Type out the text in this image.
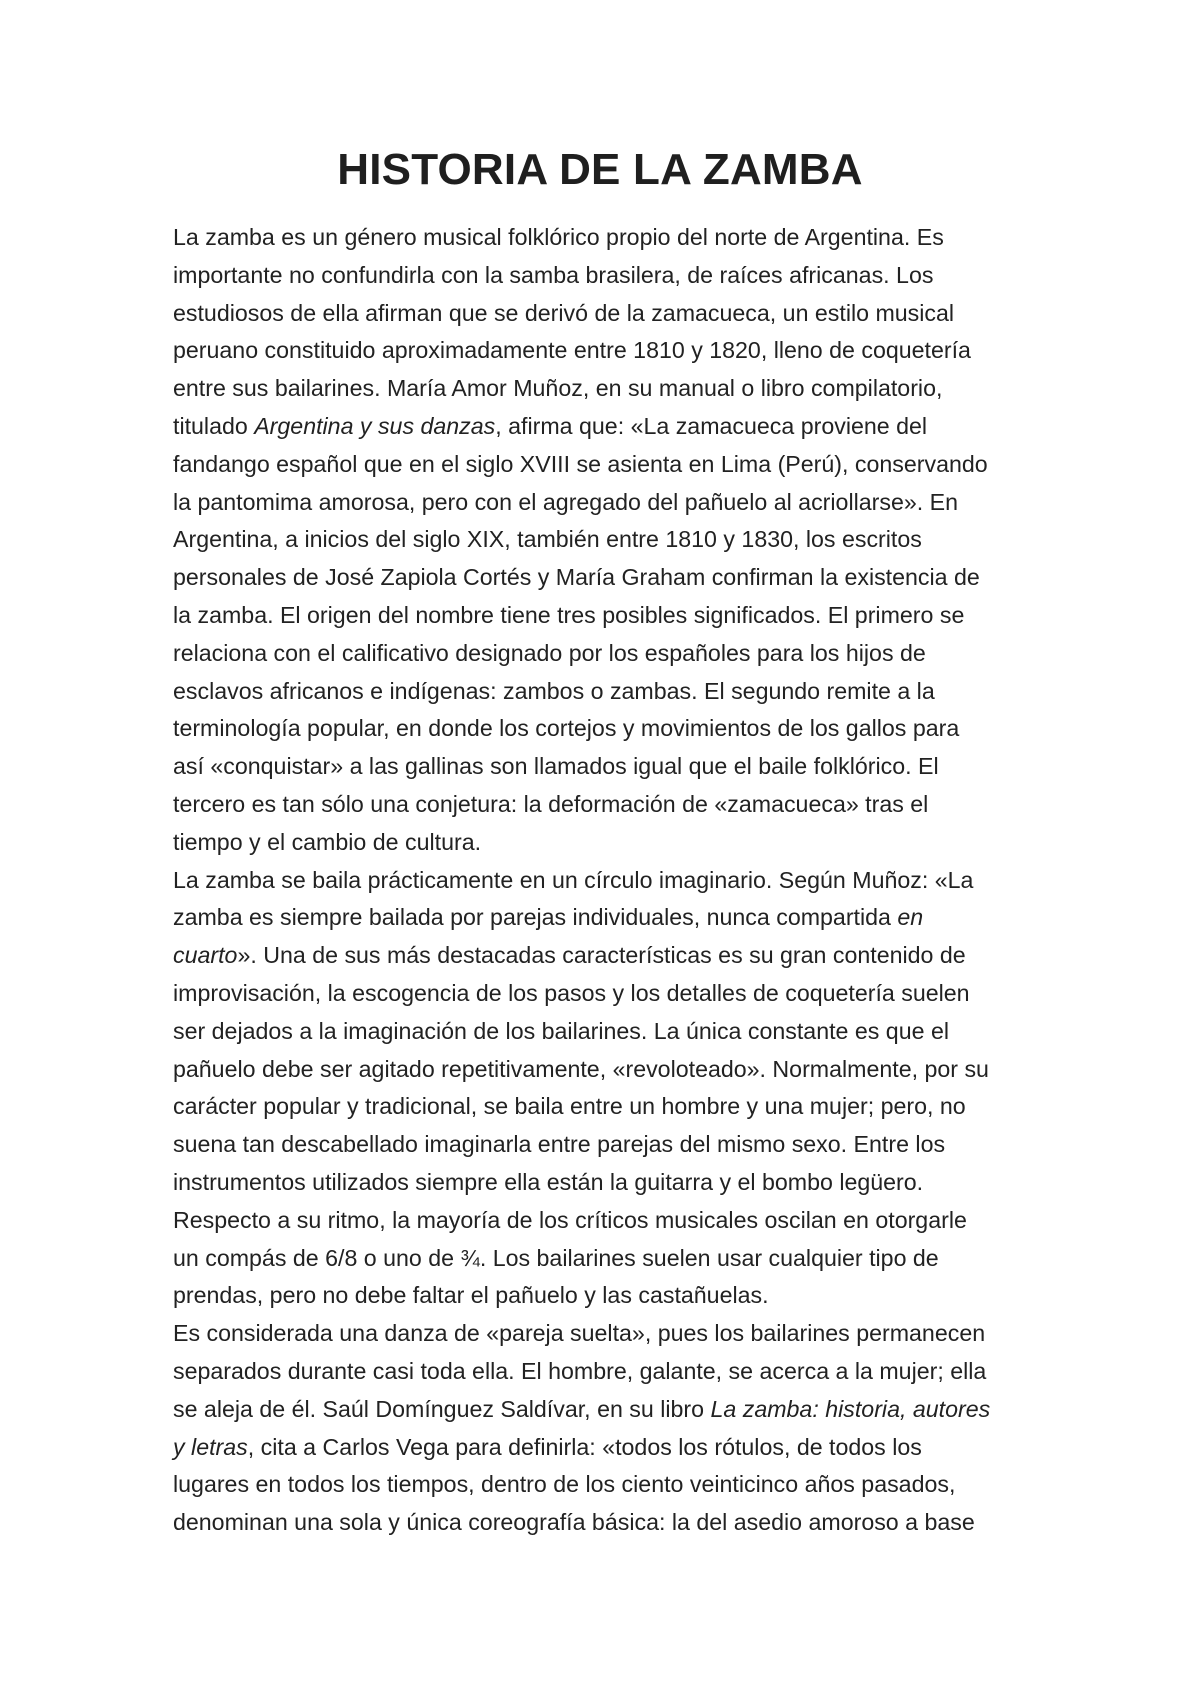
HISTORIA DE LA ZAMBA
La zamba es un género musical folklórico propio del norte de Argentina. Es
importante no confundirla con la samba brasilera, de raíces africanas. Los
estudiosos de ella afirman que se derivó de la zamacueca, un estilo musical
peruano constituido aproximadamente entre 1810 y 1820, lleno de coquetería
entre sus bailarines. María Amor Muñoz, en su manual o libro compilatorio,
titulado Argentina y sus danzas, afirma que: «La zamacueca proviene del
fandango español que en el siglo XVIII se asienta en Lima (Perú), conservando
la pantomima amorosa, pero con el agregado del pañuelo al acriollarse». En
Argentina, a inicios del siglo XIX, también entre 1810 y 1830, los escritos
personales de José Zapiola Cortés y María Graham confirman la existencia de
la zamba. El origen del nombre tiene tres posibles significados. El primero se
relaciona con el calificativo designado por los españoles para los hijos de
esclavos africanos e indígenas: zambos o zambas. El segundo remite a la
terminología popular, en donde los cortejos y movimientos de los gallos para
así «conquistar» a las gallinas son llamados igual que el baile folklórico. El
tercero es tan sólo una conjetura: la deformación de «zamacueca» tras el
tiempo y el cambio de cultura.
La zamba se baila prácticamente en un círculo imaginario. Según Muñoz: «La
zamba es siempre bailada por parejas individuales, nunca compartida en
cuarto». Una de sus más destacadas características es su gran contenido de
improvisación, la escogencia de los pasos y los detalles de coquetería suelen
ser dejados a la imaginación de los bailarines. La única constante es que el
pañuelo debe ser agitado repetitivamente, «revoloteado». Normalmente, por su
carácter popular y tradicional, se baila entre un hombre y una mujer; pero, no
suena tan descabellado imaginarla entre parejas del mismo sexo. Entre los
instrumentos utilizados siempre ella están la guitarra y el bombo legüero.
Respecto a su ritmo, la mayoría de los críticos musicales oscilan en otorgarle
un compás de 6/8 o uno de ¾. Los bailarines suelen usar cualquier tipo de
prendas, pero no debe faltar el pañuelo y las castañuelas.
Es considerada una danza de «pareja suelta», pues los bailarines permanecen
separados durante casi toda ella. El hombre, galante, se acerca a la mujer; ella
se aleja de él. Saúl Domínguez Saldívar, en su libro La zamba: historia, autores
y letras, cita a Carlos Vega para definirla: «todos los rótulos, de todos los
lugares en todos los tiempos, dentro de los ciento veinticinco años pasados,
denominan una sola y única coreografía básica: la del asedio amoroso a base
